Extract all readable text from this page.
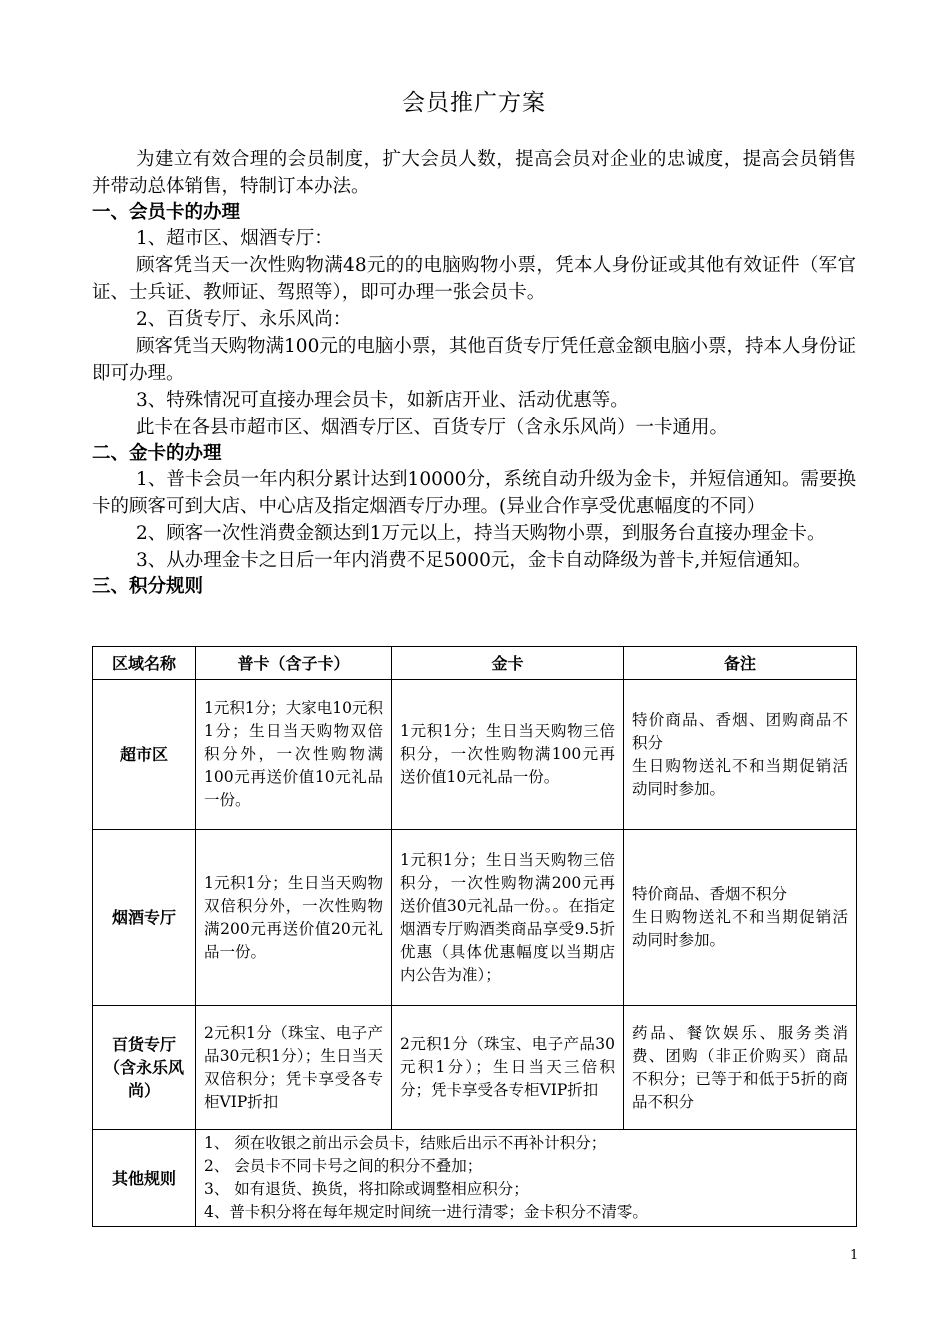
会员推广方案

为建立有效合理的会员制度，扩大会员人数，提高会员对企业的忠诚度，提高会员销售并带动总体销售，特制订本办法。

一、会员卡的办理

1、超市区、烟酒专厅：

顾客凭当天一次性购物满48元的的电脑购物小票，凭本人身份证或其他有效证件（军官证、士兵证、教师证、驾照等），即可办理一张会员卡。

2、百货专厅、永乐风尚：

顾客凭当天购物满100元的电脑小票，其他百货专厅凭任意金额电脑小票，持本人身份证即可办理。

3、特殊情况可直接办理会员卡，如新店开业、活动优惠等。

此卡在各县市超市区、烟酒专厅区、百货专厅（含永乐风尚）一卡通用。

二、金卡的办理

1、普卡会员一年内积分累计达到10000分，系统自动升级为金卡，并短信通知。需要换卡的顾客可到大店、中心店及指定烟酒专厅办理。(异业合作享受优惠幅度的不同）

2、顾客一次性消费金额达到1万元以上，持当天购物小票，到服务台直接办理金卡。

3、从办理金卡之日后一年内消费不足5000元，金卡自动降级为普卡,并短信通知。

三、积分规则

区域名称	普卡（含子卡）	金卡	备注
超市区	1元积1分；大家电10元积1分；生日当天购物双倍积分外，一次性购物满100元再送价值10元礼品一份。	1元积1分；生日当天购物三倍积分，一次性购物满100元再送价值10元礼品一份。	特价商品、香烟、团购商品不积分
生日购物送礼不和当期促销活动同时参加。

烟酒专厅	1元积1分；生日当天购物双倍积分外，一次性购物满200元再送价值20元礼品一份。	1元积1分；生日当天购物三倍积分，一次性购物满200元再送价值30元礼品一份。。在指定烟酒专厅购酒类商品享受9.5折优惠（具体优惠幅度以当期店内公告为准）；	特价商品、香烟不积分
生日购物送礼不和当期促销活动同时参加。

百货专厅（含永乐风尚）	2元积1分（珠宝、电子产品30元积1分）；生日当天双倍积分；凭卡享受各专柜VIP折扣	2元积1分（珠宝、电子产品30元积1分）；生日当天三倍积分；凭卡享受各专柜VIP折扣	药品、餐饮娱乐、服务类消费、团购（非正价购买）商品不积分；已等于和低于5折的商品不积分

其他规则	1、 须在收银之前出示会员卡，结账后出示不再补计积分；
2、 会员卡不同卡号之间的积分不叠加；
3、 如有退货、换货，将扣除或调整相应积分；
4、普卡积分将在每年规定时间统一进行清零；金卡积分不清零。		
1
